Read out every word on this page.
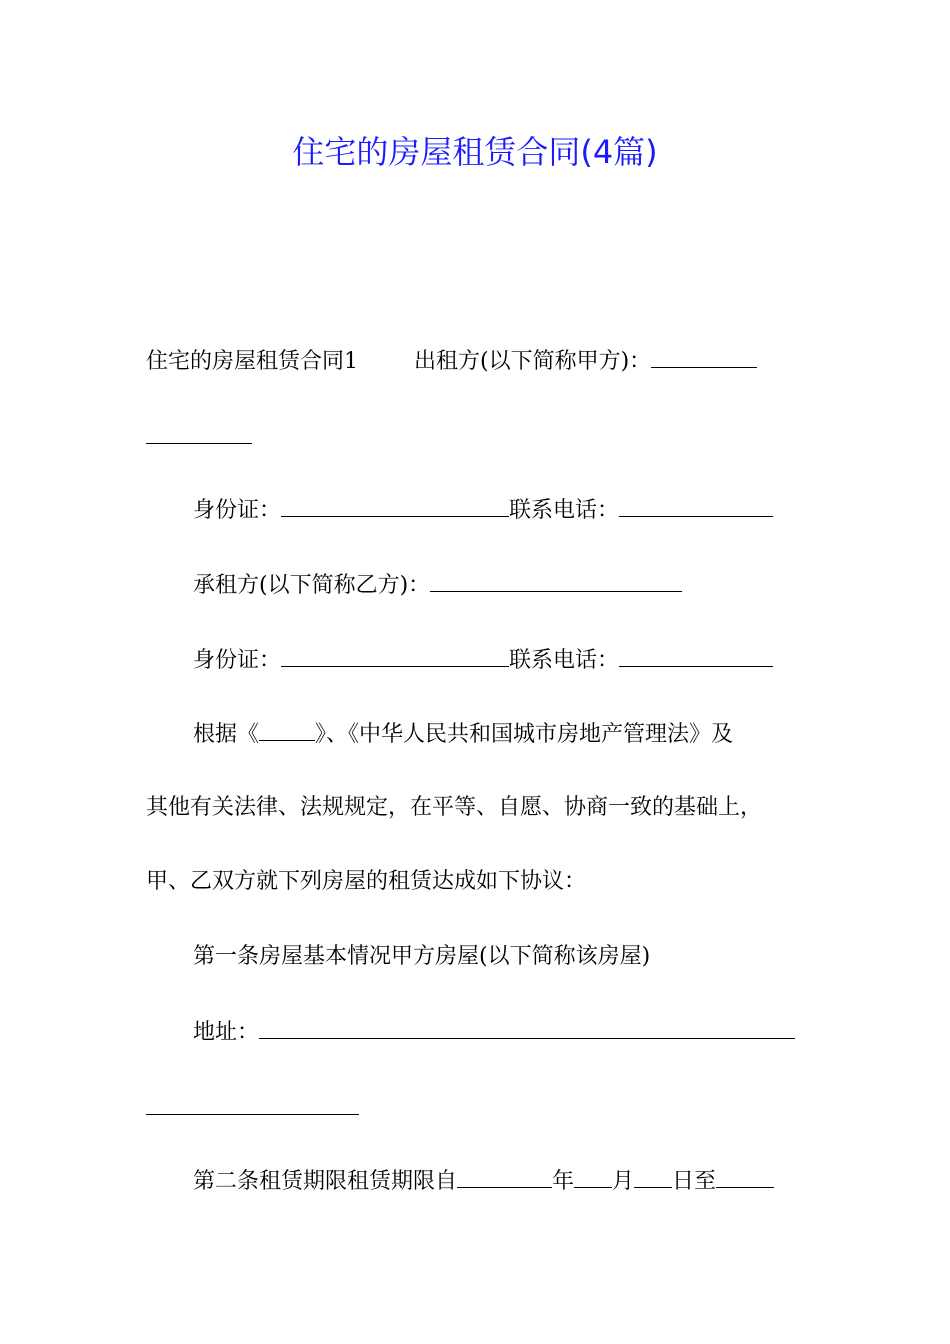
住宅的房屋租赁合同(4篇)
住宅的房屋租赁合同1	出租方(以下简称甲方)：
身份证：	联系电话：
承租方(以下简称乙方)：
身份证：	联系电话：
根据《	》、《中华人民共和国城市房地产管理法》及
其他有关法律、法规规定，在平等、自愿、协商一致的基础上，
甲、乙双方就下列房屋的租赁达成如下协议：
第一条房屋基本情况甲方房屋(以下简称该房屋)
地址：
第二条租赁期限租赁期限自	年 月 日至
